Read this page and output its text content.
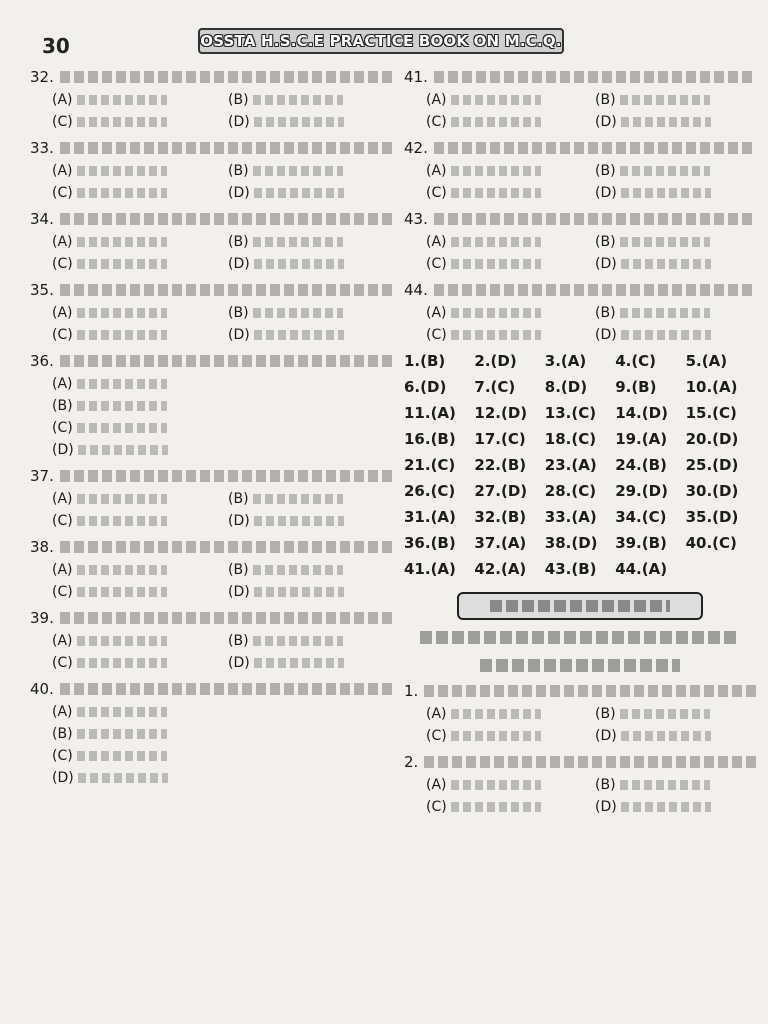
30	OSSTA H.S.C.E PRACTICE BOOK ON M.C.Q.
32.
(A)	(B)
(C)	(D)
33.
(A)	(B)
(C)	(D)
34.
(A)	(B)
(C)	(D)
35.
(A)	(B)
(C)	(D)
36.
(A)
(B)
(C)
(D)
37.
(A)	(B)
(C)	(D)
38.
(A)	(B)
(C)	(D)
39.
(A)	(B)
(C)	(D)
40.
(A)
(B)
(C)
(D)
41.
(A)	(B)
(C)	(D)
42.
(A)	(B)
(C)	(D)
43.
(A)	(B)
(C)	(D)
44.
(A)	(B)
(C)	(D)
1.(B)	2.(D)	3.(A)	4.(C)	5.(A)
6.(D)	7.(C)	8.(D)	9.(B)	10.(A)
11.(A)	12.(D)	13.(C)	14.(D)	15.(C)
16.(B)	17.(C)	18.(C)	19.(A)	20.(D)
21.(C)	22.(B)	23.(A)	24.(B)	25.(D)
26.(C)	27.(D)	28.(C)	29.(D)	30.(D)
31.(A)	32.(B)	33.(A)	34.(C)	35.(D)
36.(B)	37.(A)	38.(D)	39.(B)	40.(C)
41.(A)	42.(A)	43.(B)	44.(A)
1.
(A)	(B)
(C)	(D)
2.
(A)	(B)
(C)	(D)
